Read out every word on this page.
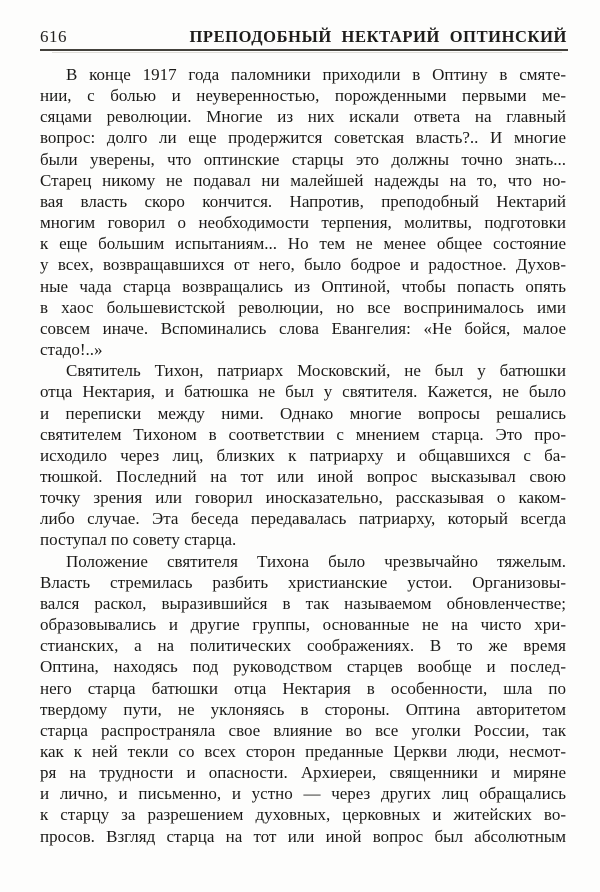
616	ПРЕПОДОБНЫЙ НЕКТАРИЙ ОПТИНСКИЙ
В конце 1917 года паломники приходили в Оптину в смяте-
нии, с болью и неуверенностью, порожденными первыми ме-
сяцами революции. Многие из них искали ответа на главный
вопрос: долго ли еще продержится советская власть?.. И многие
были уверены, что оптинские старцы это должны точно знать...
Старец никому не подавал ни малейшей надежды на то, что но-
вая власть скоро кончится. Напротив, преподобный Нектарий
многим говорил о необходимости терпения, молитвы, подготовки
к еще большим испытаниям... Но тем не менее общее состояние
у всех, возвращавшихся от него, было бодрое и радостное. Духов-
ные чада старца возвращались из Оптиной, чтобы попасть опять
в хаос большевистской революции, но все воспринималось ими
совсем иначе. Вспоминались слова Евангелия: «Не бойся, малое
стадо!..»
Святитель Тихон, патриарх Московский, не был у батюшки
отца Нектария, и батюшка не был у святителя. Кажется, не было
и переписки между ними. Однако многие вопросы решались
святителем Тихоном в соответствии с мнением старца. Это про-
исходило через лиц, близких к патриарху и общавшихся с ба-
тюшкой. Последний на тот или иной вопрос высказывал свою
точку зрения или говорил иносказательно, рассказывая о каком-
либо случае. Эта беседа передавалась патриарху, который всегда
поступал по совету старца.
Положение святителя Тихона было чрезвычайно тяжелым.
Власть стремилась разбить христианские устои. Организовы-
вался раскол, выразившийся в так называемом обновленчестве;
образовывались и другие группы, основанные не на чисто хри-
стианских, а на политических соображениях. В то же время
Оптина, находясь под руководством старцев вообще и послед-
него старца батюшки отца Нектария в особенности, шла по
твердому пути, не уклоняясь в стороны. Оптина авторитетом
старца распространяла свое влияние во все уголки России, так
как к ней текли со всех сторон преданные Церкви люди, несмот-
ря на трудности и опасности. Архиереи, священники и миряне
и лично, и письменно, и устно — через других лиц обращались
к старцу за разрешением духовных, церковных и житейских во-
просов. Взгляд старца на тот или иной вопрос был абсолютным
